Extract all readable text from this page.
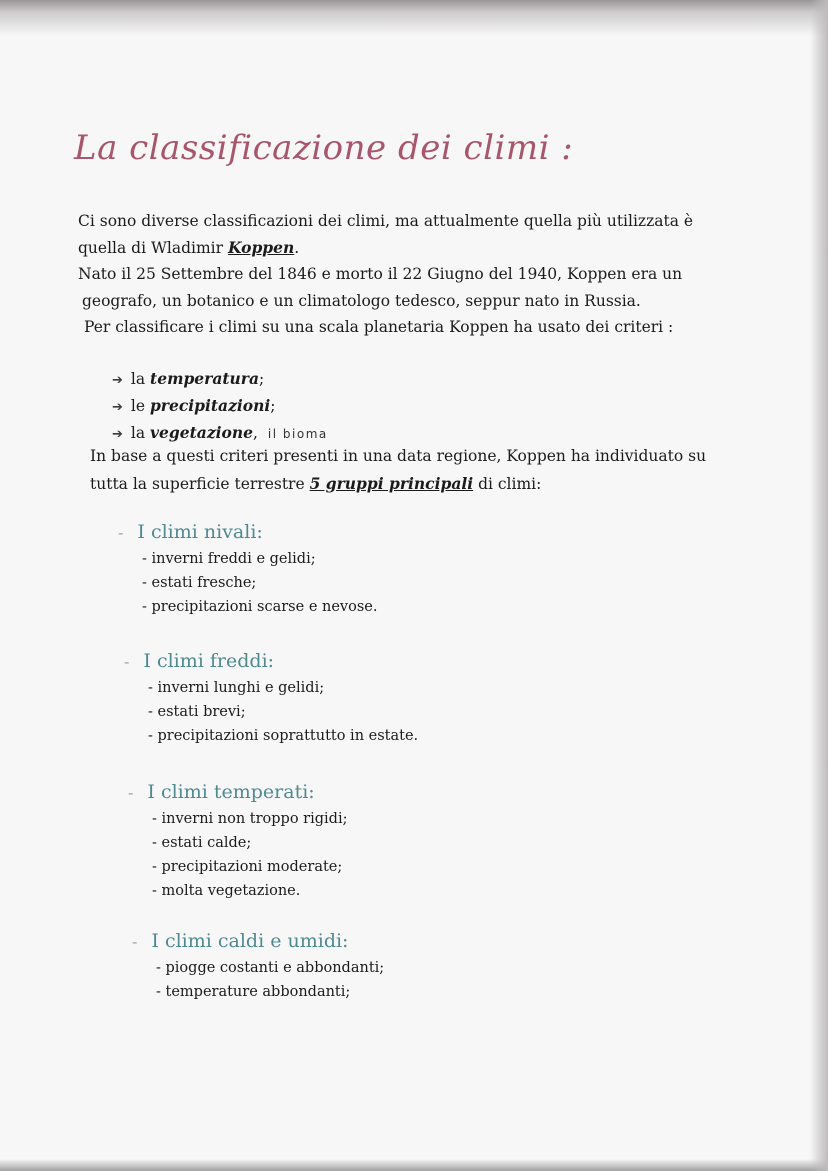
La classificazione dei climi :

Ci sono diverse classificazioni dei climi, ma attualmente quella più utilizzata è

quella di Wladimir Koppen.

Nato il 25 Settembre del 1846 e morto il 22 Giugno del 1940, Koppen era un

geografo, un botanico e un climatologo tedesco, seppur nato in Russia.

Per classificare i climi su una scala planetaria Koppen ha usato dei criteri :

➔ la temperatura;
➔ le precipitazioni;
➔ la vegetazione, il bioma

In base a questi criteri presenti in una data regione, Koppen ha individuato su

tutta la superficie terrestre 5 gruppi principali di climi:

- I climi nivali:
- inverni freddi e gelidi;
- estati fresche;
- precipitazioni scarse e nevose.
- I climi freddi:
- inverni lunghi e gelidi;
- estati brevi;
- precipitazioni soprattutto in estate.
- I climi temperati:
- inverni non troppo rigidi;
- estati calde;
- precipitazioni moderate;
- molta vegetazione.
- I climi caldi e umidi:
- piogge costanti e abbondanti;
- temperature abbondanti;
